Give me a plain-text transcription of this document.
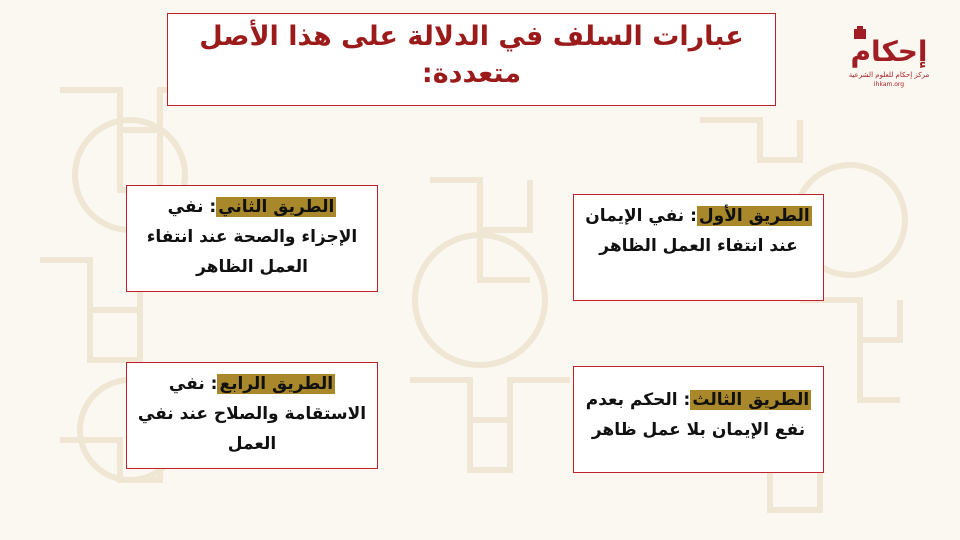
عبارات السلف في الدلالة على هذا الأصل
متعددة:
إحكام
مركز إحكام للعلوم الشرعية
Ihkam.org
الطريق الأول: نفي الإيمان عند انتفاء العمل الظاهر
الطريق الثاني: نفي الإجزاء والصحة عند انتفاء العمل الظاهر
الطريق الثالث: الحكم بعدم نفع الإيمان بلا عمل ظاهر
الطريق الرابع: نفي الاستقامة والصلاح عند نفي العمل
